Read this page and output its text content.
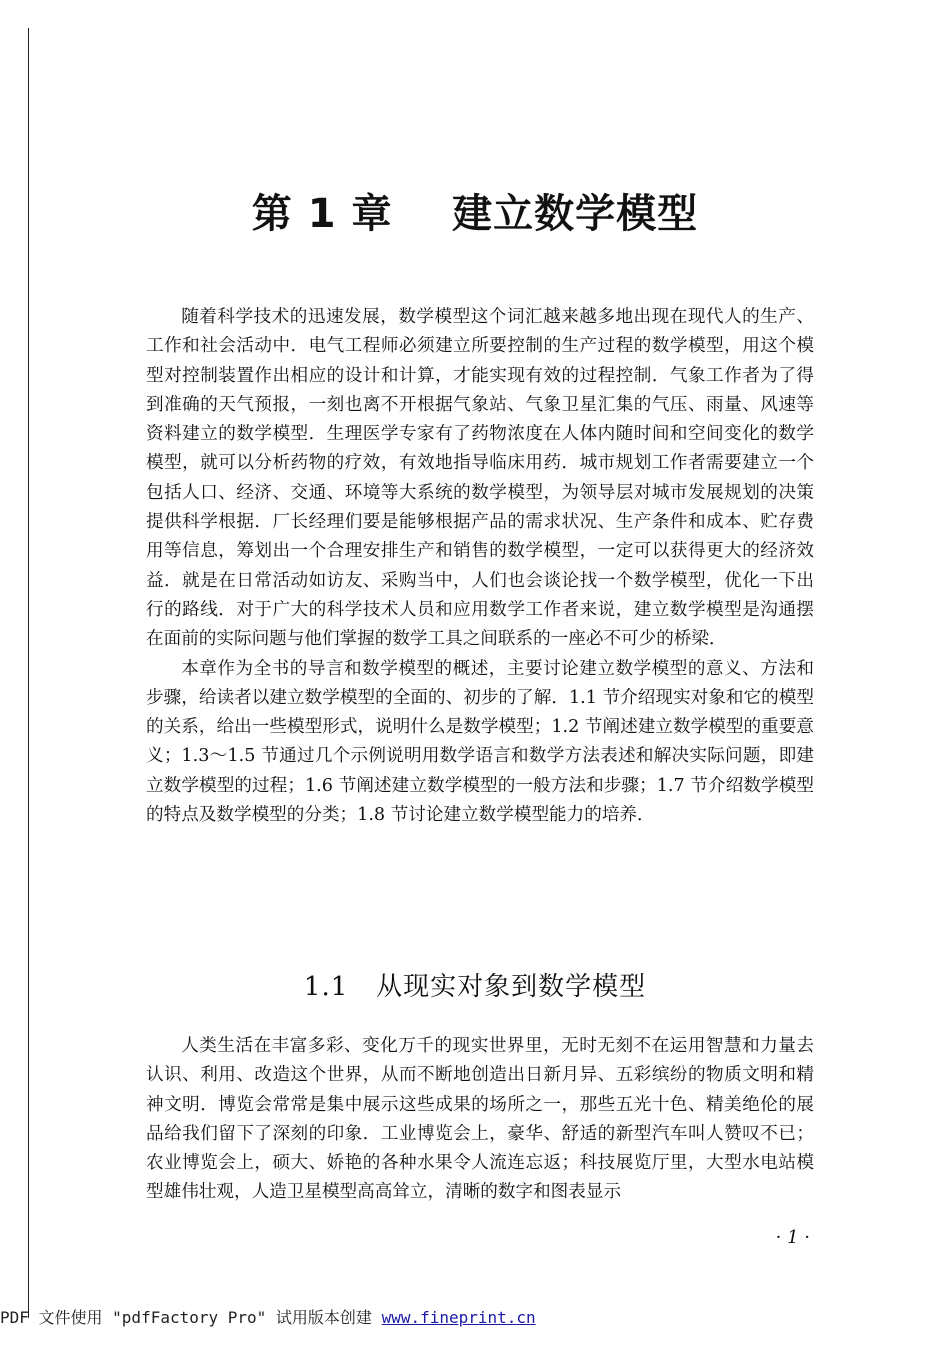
第 1 章    建立数学模型

随着科学技术的迅速发展，数学模型这个词汇越来越多地出现在现代人的生产、工作和社会活动中．电气工程师必须建立所要控制的生产过程的数学模型，用这个模型对控制装置作出相应的设计和计算，才能实现有效的过程控制．气象工作者为了得到准确的天气预报，一刻也离不开根据气象站、气象卫星汇集的气压、雨量、风速等资料建立的数学模型．生理医学专家有了药物浓度在人体内随时间和空间变化的数学模型，就可以分析药物的疗效，有效地指导临床用药．城市规划工作者需要建立一个包括人口、经济、交通、环境等大系统的数学模型，为领导层对城市发展规划的决策提供科学根据．厂长经理们要是能够根据产品的需求状况、生产条件和成本、贮存费用等信息，筹划出一个合理安排生产和销售的数学模型，一定可以获得更大的经济效益．就是在日常活动如访友、采购当中，人们也会谈论找一个数学模型，优化一下出行的路线．对于广大的科学技术人员和应用数学工作者来说，建立数学模型是沟通摆在面前的实际问题与他们掌握的数学工具之间联系的一座必不可少的桥梁．

本章作为全书的导言和数学模型的概述，主要讨论建立数学模型的意义、方法和步骤，给读者以建立数学模型的全面的、初步的了解．1.1 节介绍现实对象和它的模型的关系，给出一些模型形式，说明什么是数学模型；1.2 节阐述建立数学模型的重要意义；1.3～1.5 节通过几个示例说明用数学语言和数学方法表述和解决实际问题，即建立数学模型的过程；1.6 节阐述建立数学模型的一般方法和步骤；1.7 节介绍数学模型的特点及数学模型的分类；1.8 节讨论建立数学模型能力的培养．

1.1   从现实对象到数学模型

人类生活在丰富多彩、变化万千的现实世界里，无时无刻不在运用智慧和力量去认识、利用、改造这个世界，从而不断地创造出日新月异、五彩缤纷的物质文明和精神文明．博览会常常是集中展示这些成果的场所之一，那些五光十色、精美绝伦的展品给我们留下了深刻的印象．工业博览会上，豪华、舒适的新型汽车叫人赞叹不已；农业博览会上，硕大、娇艳的各种水果令人流连忘返；科技展览厅里，大型水电站模型雄伟壮观，人造卫星模型高高耸立，清晰的数字和图表显示

· 1 ·
PDF 文件使用 "pdfFactory Pro" 试用版本创建 www.fineprint.cn
